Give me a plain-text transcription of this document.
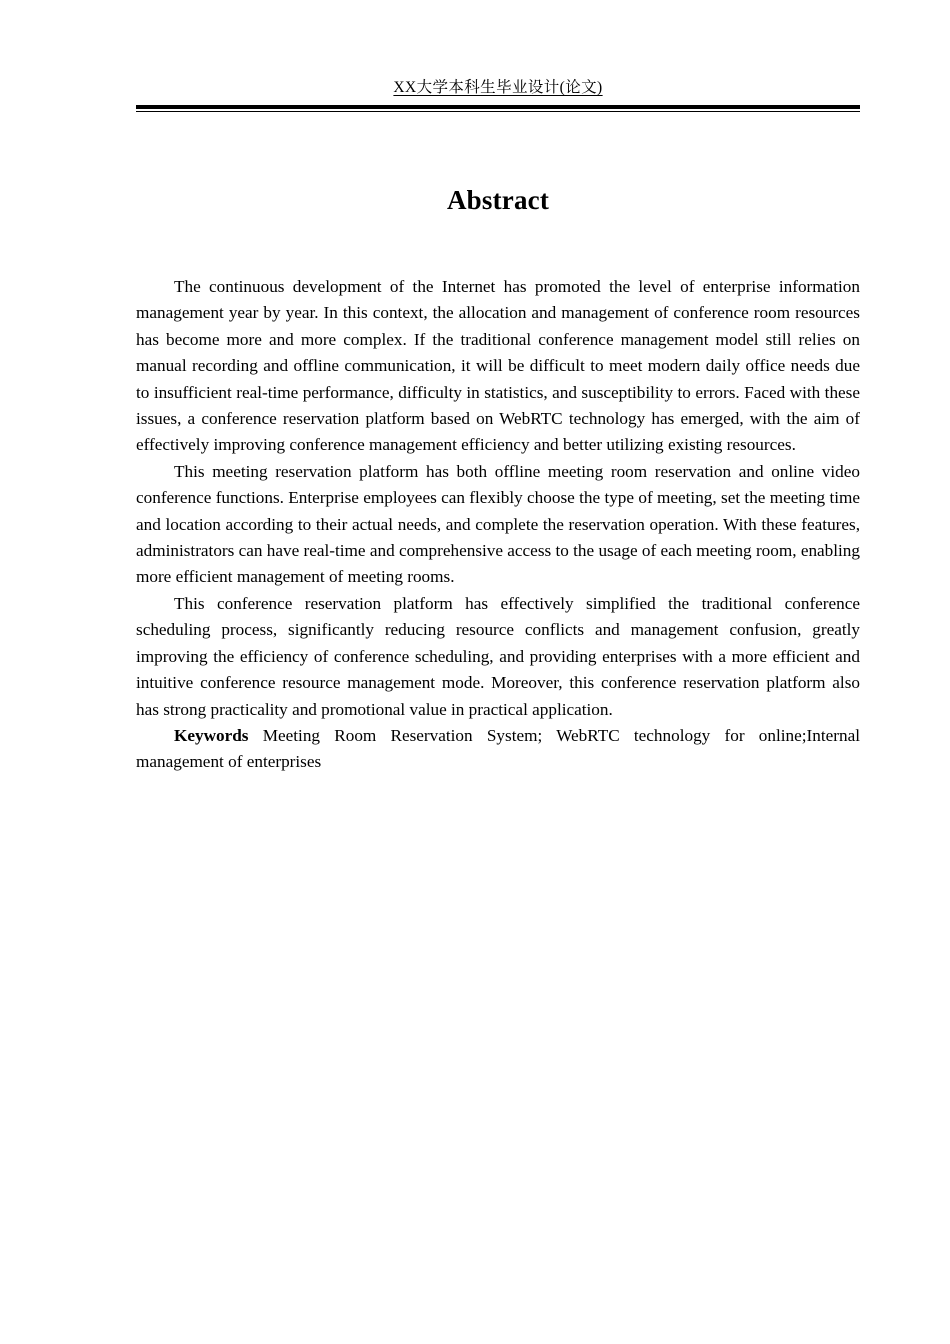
XX大学本科生毕业设计(论文)
Abstract

The continuous development of the Internet has promoted the level of enterprise information management year by year. In this context, the allocation and management of conference room resources has become more and more complex. If the traditional conference management model still relies on manual recording and offline communication, it will be difficult to meet modern daily office needs due to insufficient real-time performance, difficulty in statistics, and susceptibility to errors. Faced with these issues, a conference reservation platform based on WebRTC technology has emerged, with the aim of effectively improving conference management efficiency and better utilizing existing resources.

This meeting reservation platform has both offline meeting room reservation and online video conference functions. Enterprise employees can flexibly choose the type of meeting, set the meeting time and location according to their actual needs, and complete the reservation operation. With these features, administrators can have real-time and comprehensive access to the usage of each meeting room, enabling more efficient management of meeting rooms.

This conference reservation platform has effectively simplified the traditional conference scheduling process, significantly reducing resource conflicts and management confusion, greatly improving the efficiency of conference scheduling, and providing enterprises with a more efficient and intuitive conference resource management mode. Moreover, this conference reservation platform also has strong practicality and promotional value in practical application.

Keywords Meeting Room Reservation System; WebRTC technology for online;Internal management of enterprises
